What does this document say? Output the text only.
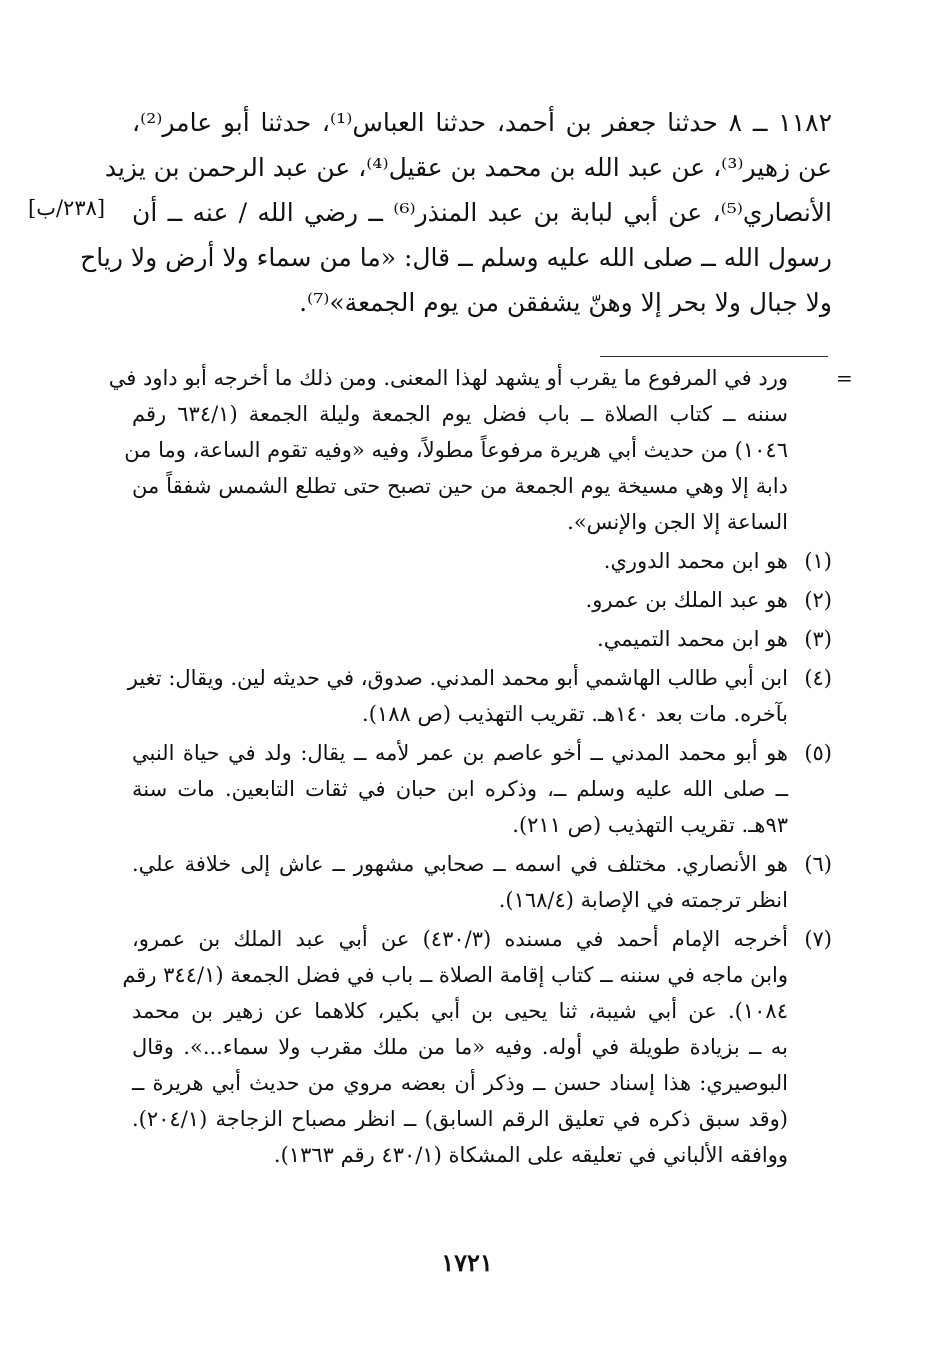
١١٨٢ ــ ٨ حدثنا جعفر بن أحمد، حدثنا العباس⁽¹⁾، حدثنا أبو عامر⁽²⁾،
عن زهير⁽³⁾، عن عبد الله بن محمد بن عقيل⁽⁴⁾، عن عبد الرحمن بن يزيد
الأنصاري⁽⁵⁾، عن أبي لبابة بن عبد المنذر⁽⁶⁾ ــ رضي الله / عنه ــ أن
رسول الله ــ صلى الله عليه وسلم ــ قال: «ما من سماء ولا أرض ولا رياح
ولا جبال ولا بحر إلا وهنّ يشفقن من يوم الجمعة»⁽⁷⁾.
[٢٣٨/ب]
=
ورد في المرفوع ما يقرب أو يشهد لهذا المعنى. ومن ذلك ما أخرجه أبو داود في
سننه ــ كتاب الصلاة ــ باب فضل يوم الجمعة وليلة الجمعة (٦٣٤/١ رقم
١٠٤٦) من حديث أبي هريرة مرفوعاً مطولاً، وفيه «وفيه تقوم الساعة، وما من
دابة إلا وهي مسيخة يوم الجمعة من حين تصبح حتى تطلع الشمس شفقاً من
الساعة إلا الجن والإنس».
(١)
هو ابن محمد الدوري.
(٢)
هو عبد الملك بن عمرو.
(٣)
هو ابن محمد التميمي.
(٤)
ابن أبي طالب الهاشمي أبو محمد المدني. صدوق، في حديثه لين. ويقال: تغير
بآخره. مات بعد ١٤٠هـ. تقريب التهذيب (ص ١٨٨).
(٥)
هو أبو محمد المدني ــ أخو عاصم بن عمر لأمه ــ يقال: ولد في حياة النبي
ــ صلى الله عليه وسلم ــ، وذكره ابن حبان في ثقات التابعين. مات سنة
٩٣هـ. تقريب التهذيب (ص ٢١١).
(٦)
هو الأنصاري. مختلف في اسمه ــ صحابي مشهور ــ عاش إلى خلافة علي.
انظر ترجمته في الإصابة (١٦٨/٤).
(٧)
أخرجه الإمام أحمد في مسنده (٤٣٠/٣) عن أبي عبد الملك بن عمرو،
وابن ماجه في سننه ــ كتاب إقامة الصلاة ــ باب في فضل الجمعة (٣٤٤/١ رقم
١٠٨٤). عن أبي شيبة، ثنا يحيى بن أبي بكير، كلاهما عن زهير بن محمد
به ــ بزيادة طويلة في أوله. وفيه «ما من ملك مقرب ولا سماء...». وقال
البوصيري: هذا إسناد حسن ــ وذكر أن بعضه مروي من حديث أبي هريرة ــ
(وقد سبق ذكره في تعليق الرقم السابق) ــ انظر مصباح الزجاجة (٢٠٤/١).
ووافقه الألباني في تعليقه على المشكاة (٤٣٠/١ رقم ١٣٦٣).
١٧٢١
